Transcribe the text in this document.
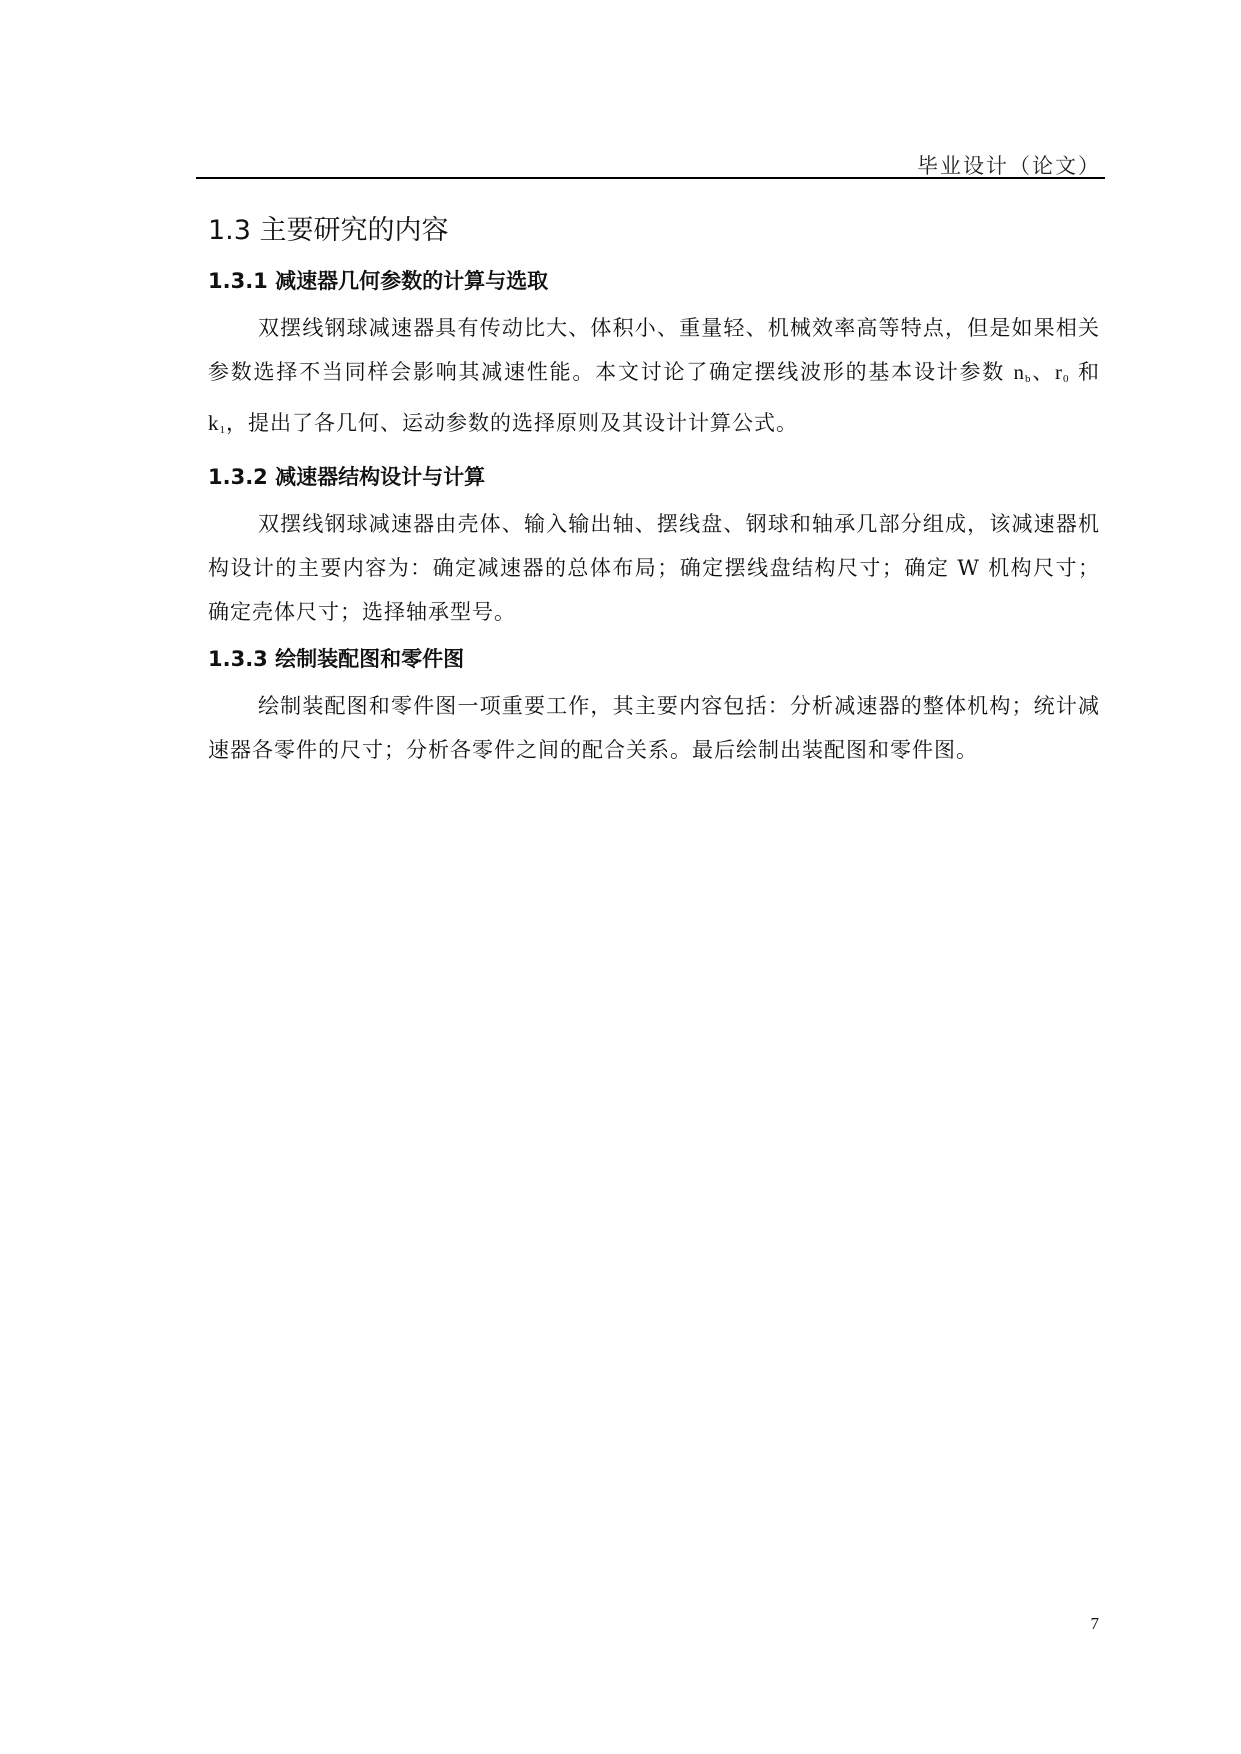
毕业设计（论文）
1.3 主要研究的内容
1.3.1 减速器几何参数的计算与选取

双摆线钢球减速器具有传动比大、体积小、重量轻、机械效率高等特点，但是如果相关参数选择不当同样会影响其减速性能。本文讨论了确定摆线波形的基本设计参数 $n_b$、$r_0$ 和 $k_1$，提出了各几何、运动参数的选择原则及其设计计算公式。

1.3.2 减速器结构设计与计算

双摆线钢球减速器由壳体、输入输出轴、摆线盘、钢球和轴承几部分组成，该减速器机构设计的主要内容为：确定减速器的总体布局；确定摆线盘结构尺寸；确定 W 机构尺寸；确定壳体尺寸；选择轴承型号。

1.3.3 绘制装配图和零件图

绘制装配图和零件图一项重要工作，其主要内容包括：分析减速器的整体机构；统计减速器各零件的尺寸；分析各零件之间的配合关系。最后绘制出装配图和零件图。

7
